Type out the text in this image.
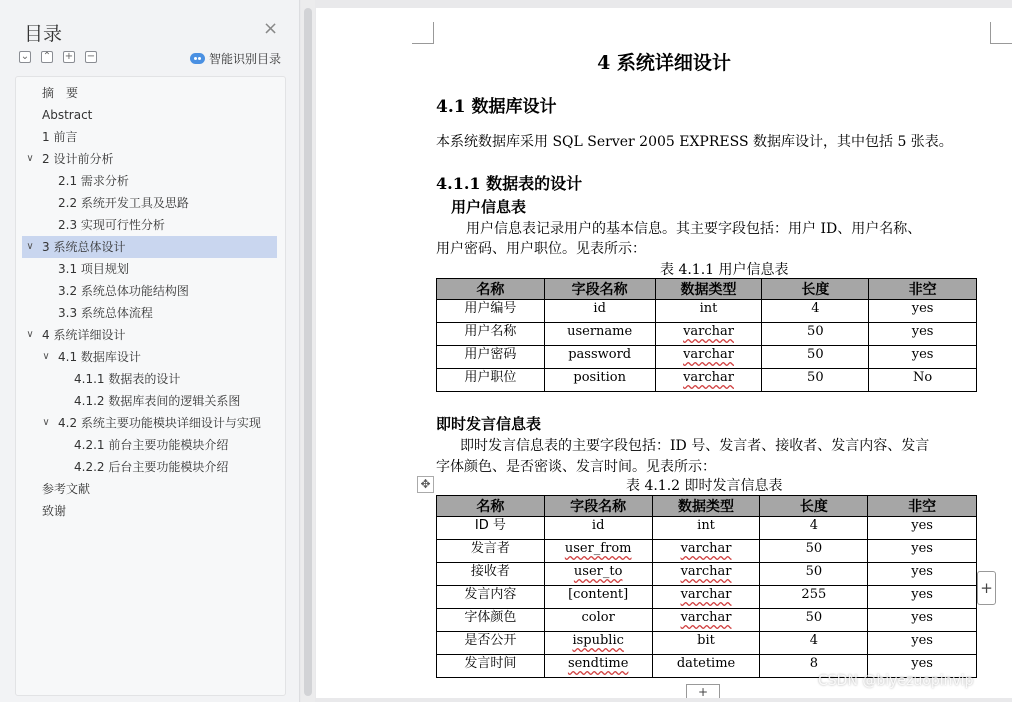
目录	×
⌄ ⌃ + −	智能识别目录
摘　要
Abstract
1 前言
∨ 2 设计前分析
2.1 需求分析
2.2 系统开发工具及思路
2.3 实现可行性分析
∨ 3 系统总体设计
3.1 项目规划
3.2 系统总体功能结构图
3.3 系统总体流程
∨ 4 系统详细设计
∨ 4.1 数据库设计
4.1.1 数据表的设计
4.1.2 数据库表间的逻辑关系图
∨ 4.2 系统主要功能模块详细设计与实现
4.2.1 前台主要功能模块介绍
4.2.2 后台主要功能模块介绍
参考文献
致谢
4 系统详细设计
4.1 数据库设计
本系统数据库采用 SQL Server 2005 EXPRESS 数据库设计，其中包括 5 张表。
4.1.1 数据表的设计
用户信息表
用户信息表记录用户的基本信息。其主要字段包括：用户 ID、用户名称、
用户密码、用户职位。见表所示：
表 4.1.1 用户信息表
名称	字段名称	数据类型	长度	非空
用户编号	id	int	4	yes
用户名称	username	varchar	50	yes
用户密码	password	varchar	50	yes
用户职位	position	varchar	50	No
即时发言信息表
即时发言信息表的主要字段包括：ID 号、发言者、接收者、发言内容、发言
字体颜色、是否密谈、发言时间。见表所示：
表 4.1.2 即时发言信息表
名称	字段名称	数据类型	长度	非空
ID 号	id	int	4	yes
发言者	user_from	varchar	50	yes
接收者	user_to	varchar	50	yes
发言内容	[content]	varchar	255	yes
字体颜色	color	varchar	50	yes
是否公开	ispublic	bit	4	yes
发言时间	sendtime	datetime	8	yes
✥
+
+
CSDN @biyezuopinvip
